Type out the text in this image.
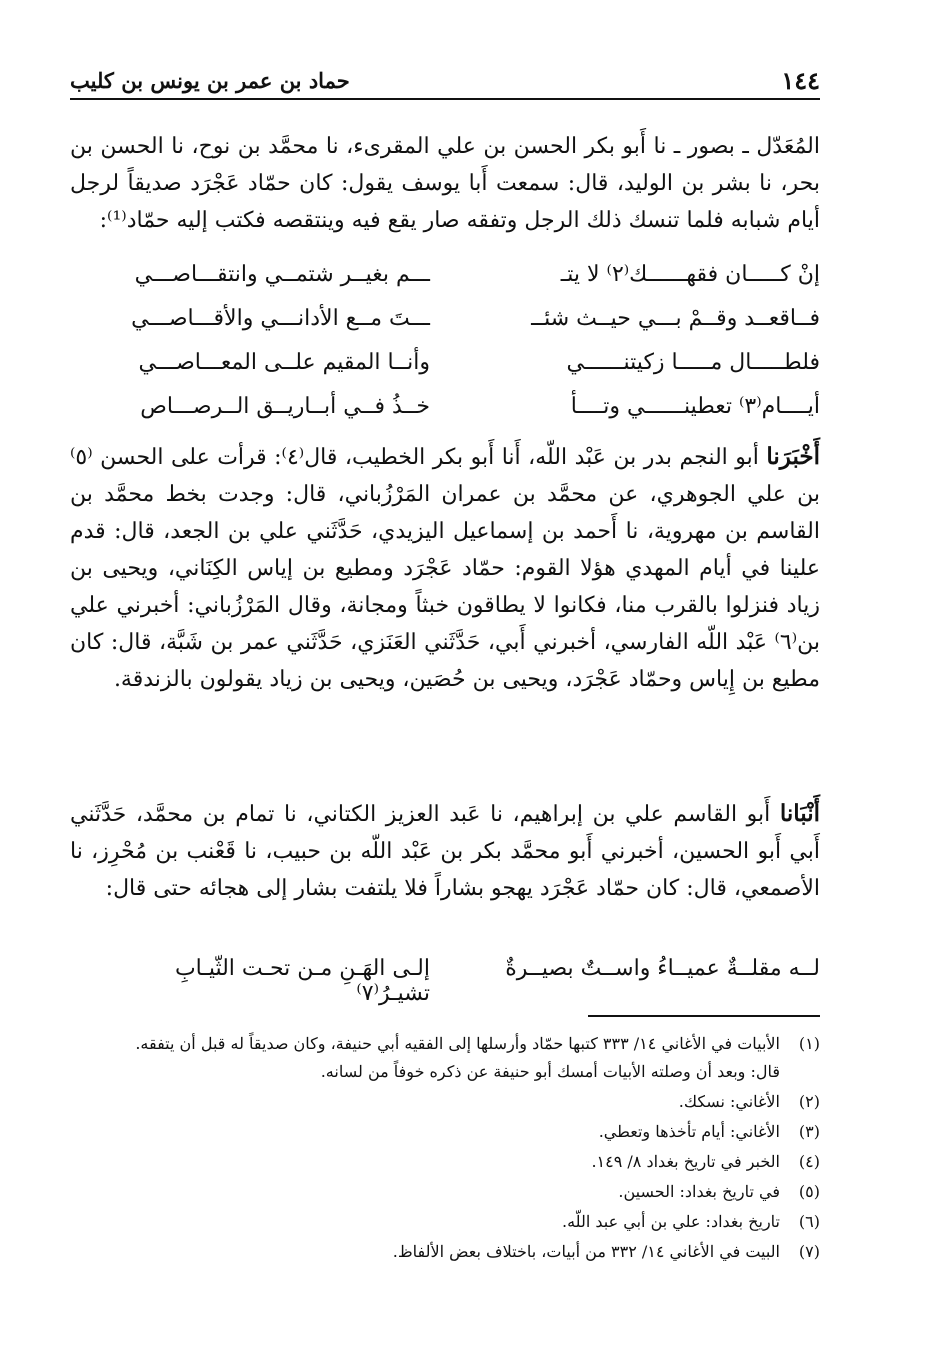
١٤٤
حماد بن عمر بن يونس بن كليب
المُعَدّل ـ بصور ـ نا أَبو بكر الحسن بن علي المقرىء، نا محمَّد بن نوح، نا الحسن بن بحر، نا بشر بن الوليد، قال: سمعت أَبا يوسف يقول: كان حمّاد عَجْرَد صديقاً لرجل أيام شبابه فلما تنسك ذلك الرجل وتفقه صار يقع فيه وينتقصه فكتب إليه حمّاد⁽¹⁾:
إنْ كـــــان فقهــــــك⁽٢⁾ لا يتـ
ـــم بغيــر شتمــي وانتقـــاصـــي
فــاقعــد وقــمْ بـــي حيــث شئــ
ـــتَ مــع الأدانـــي والأقـــاصـــي
فلطـــــال مـــــا زكيتنــــــي
وأنــا المقيم علــى المعـــاصـــي
أيــــام⁽٣⁾ تعطينــــــي وتــــأ
خــذُ فــي أبــاريــق الــرصـــاص
أَخْبَرَنا أبو النجم بدر بن عَبْد اللّه، أَنا أَبو بكر الخطيب، قال⁽٤⁾: قرأت على الحسن ⁽٥⁾ بن علي الجوهري، عن محمَّد بن عمران المَرْزُباني، قال: وجدت بخط محمَّد بن القاسم بن مهروية، نا أَحمد بن إسماعيل اليزيدي، حَدَّثَني علي بن الجعد، قال: قدم علينا في أيام المهدي هؤلا القوم: حمّاد عَجْرَد ومطيع بن إياس الكِنَاني، ويحيى بن زياد فنزلوا بالقرب منا، فكانوا لا يطاقون خبثاً ومجانة، وقال المَرْزُباني: أخبرني علي بن⁽٦⁾ عَبْد اللّه الفارسي، أخبرني أَبي، حَدَّثَني العَنَزي، حَدَّثَني عمر بن شَبَّة، قال: كان مطيع بن إِياس وحمّاد عَجْرَد، ويحيى بن حُصَين، ويحيى بن زياد يقولون بالزندقة.
أَنْبَانا أَبو القاسم علي بن إبراهيم، نا عَبد العزيز الكتاني، نا تمام بن محمَّد، حَدَّثَني أَبي أَبو الحسين، أخبرني أَبو محمَّد بكر بن عَبْد اللّه بن حبيب، نا قَعْنب بن مُحْرِز، نا الأصمعي، قال: كان حمّاد عَجْرَد يهجو بشاراً فلا يلتفت بشار إلى هجائه حتى قال:
لــه مقلــةٌ عميــاءُ واســتٌ بصيــرةٌ
إلـى الهَـنِ مـن تحـت الثّيـابِ تشيـرُ⁽٧⁾
(١)
الأبيات في الأغاني ١٤/ ٣٣٣ كتبها حمّاد وأرسلها إلى الفقيه أبي حنيفة، وكان صديقاً له قبل أن يتفقه.
قال: وبعد أن وصلته الأبيات أمسك أبو حنيفة عن ذكره خوفاً من لسانه.
(٢)
الأغاني: نسكك.
(٣)
الأغاني: أيام تأخذها وتعطي.
(٤)
الخبر في تاريخ بغداد ٨/ ١٤٩.
(٥)
في تاريخ بغداد: الحسين.
(٦)
تاريخ بغداد: علي بن أبي عبد اللّه.
(٧)
البيت في الأغاني ١٤/ ٣٣٢ من أبيات، باختلاف بعض الألفاظ.
